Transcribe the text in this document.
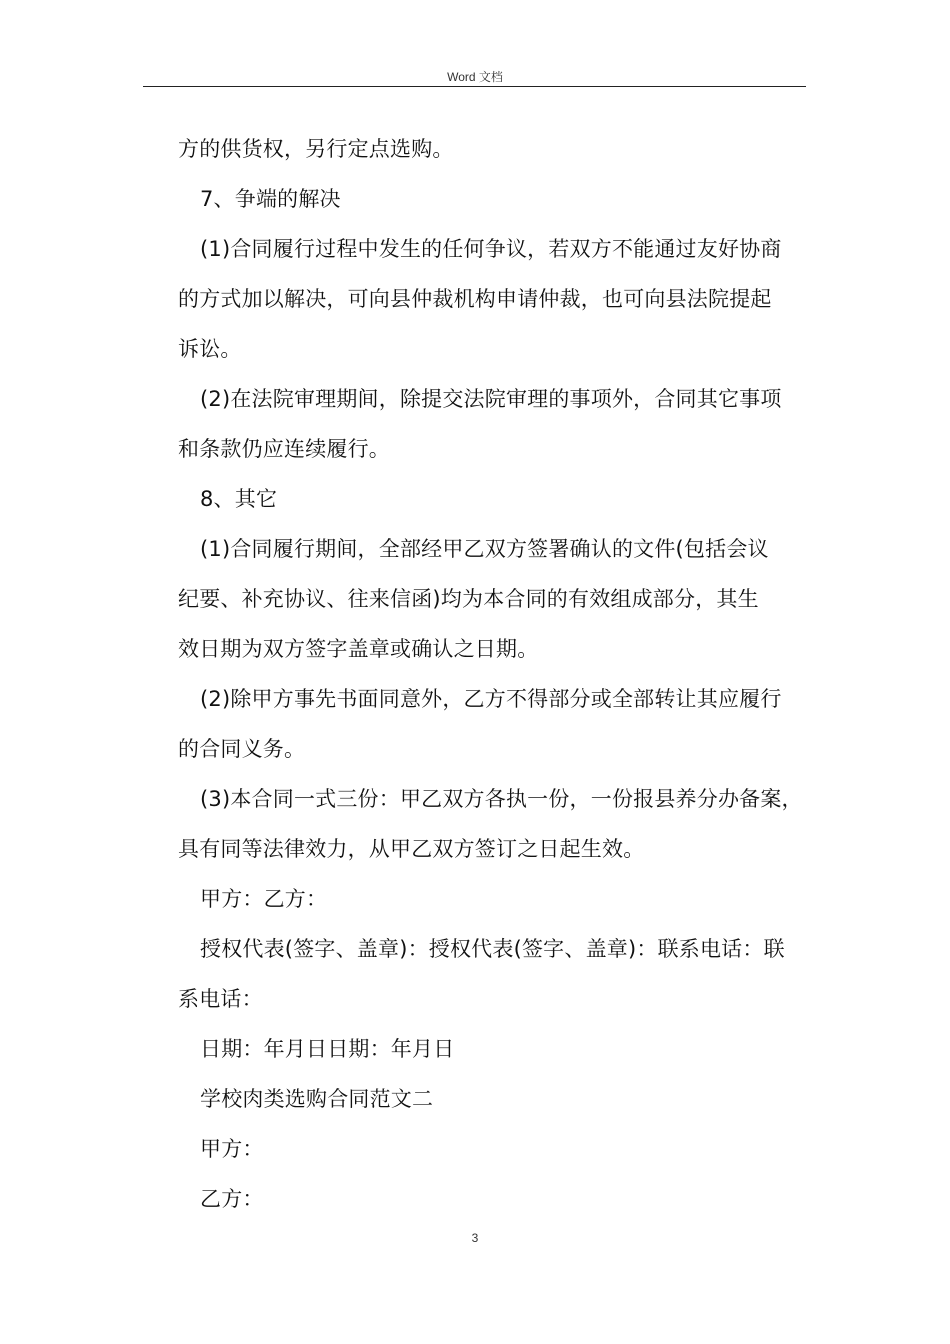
Word 文档
方的供货权，另行定点选购。
7、争端的解决
(1)合同履行过程中发生的任何争议，若双方不能通过友好协商
的方式加以解决，可向县仲裁机构申请仲裁，也可向县法院提起
诉讼。
(2)在法院审理期间，除提交法院审理的事项外，合同其它事项
和条款仍应连续履行。
8、其它
(1)合同履行期间，全部经甲乙双方签署确认的文件(包括会议
纪要、补充协议、往来信函)均为本合同的有效组成部分，其生
效日期为双方签字盖章或确认之日期。
(2)除甲方事先书面同意外，乙方不得部分或全部转让其应履行
的合同义务。
(3)本合同一式三份：甲乙双方各执一份，一份报县养分办备案，
具有同等法律效力，从甲乙双方签订之日起生效。
甲方：乙方：
授权代表(签字、盖章)：授权代表(签字、盖章)：联系电话：联
系电话：
日期：年月日日期：年月日
学校肉类选购合同范文二
甲方：
乙方：
3
